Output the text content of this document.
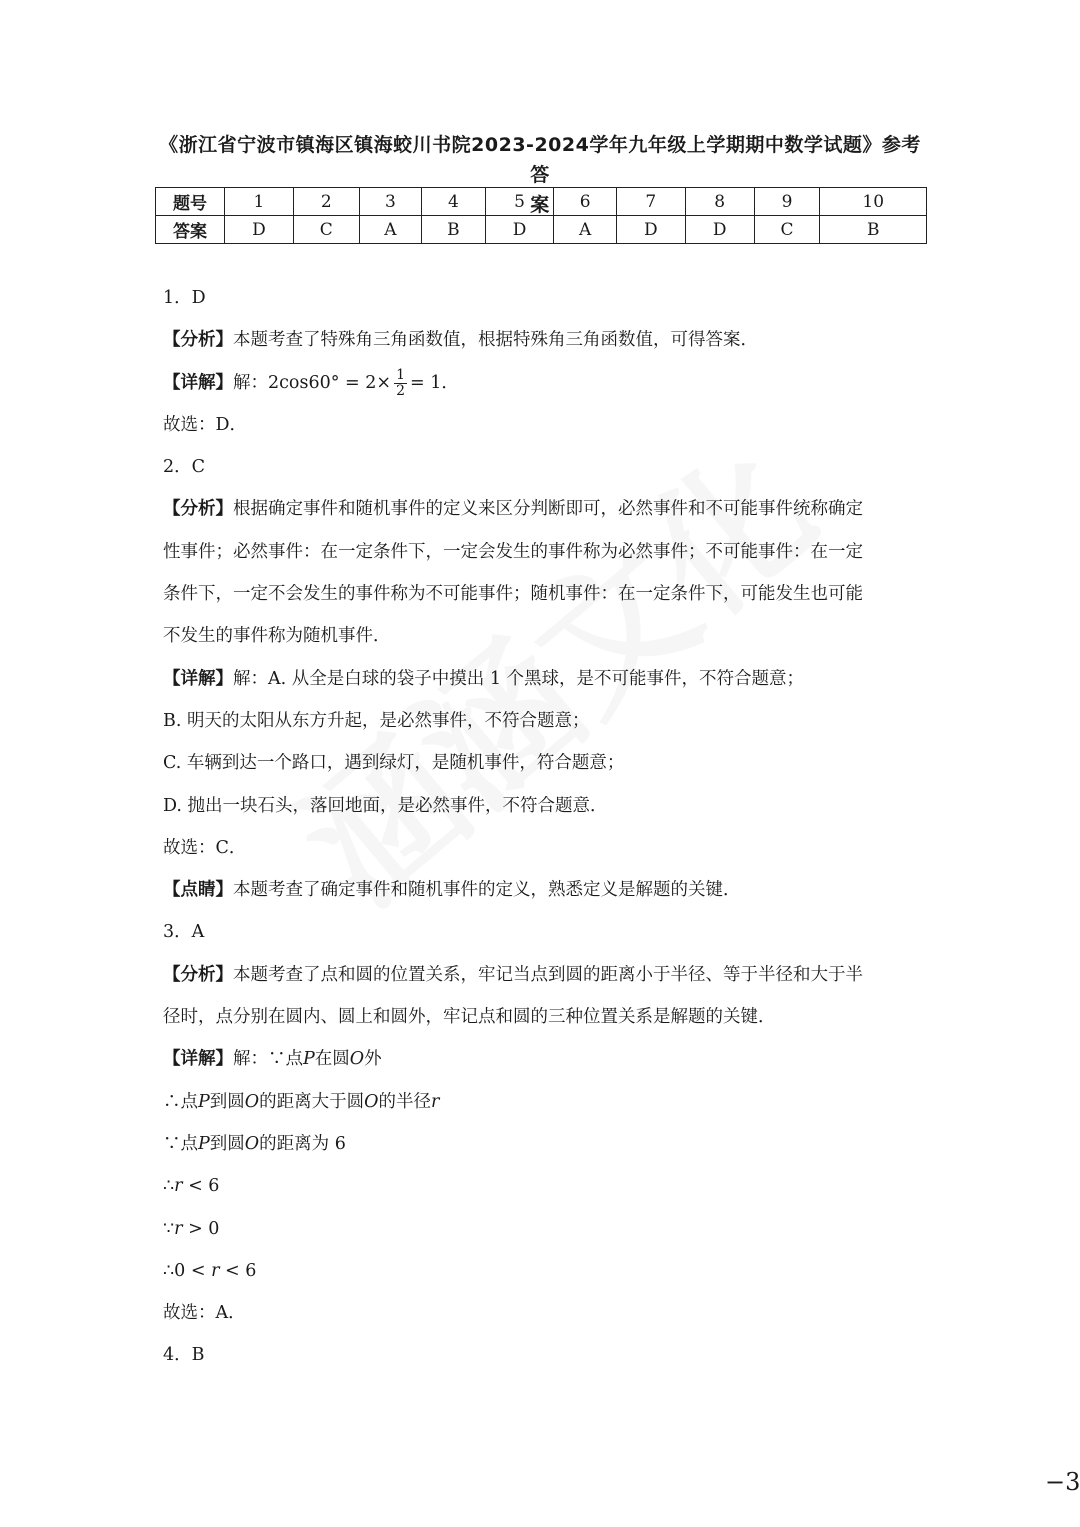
《浙江省宁波市镇海区镇海蛟川书院2023-2024学年九年级上学期期中数学试题》参考答
案
题号	1	2	3	4	5	6	7	8	9	10
答案	D	C	A	B	D	A	D	D	C	B
1．D
【分析】本题考查了特殊角三角函数值，根据特殊角三角函数值，可得答案．
【详解】解：$2\cos 60^\circ = 2\times \frac{1}{2} = 1$．
故选：D．
2．C
【分析】根据确定事件和随机事件的定义来区分判断即可，必然事件和不可能事件统称确定
性事件；必然事件：在一定条件下，一定会发生的事件称为必然事件；不可能事件：在一定
条件下，一定不会发生的事件称为不可能事件；随机事件：在一定条件下，可能发生也可能
不发生的事件称为随机事件．
【详解】解：A. 从全是白球的袋子中摸出 1 个黑球，是不可能事件，不符合题意；
B. 明天的太阳从东方升起，是必然事件，不符合题意；
C. 车辆到达一个路口，遇到绿灯，是随机事件，符合题意；
D. 抛出一块石头，落回地面，是必然事件，不符合题意．
故选：C．
【点睛】本题考查了确定事件和随机事件的定义，熟悉定义是解题的关键．
3．A
【分析】本题考查了点和圆的位置关系，牢记当点到圆的距离小于半径、等于半径和大于半
径时，点分别在圆内、圆上和圆外，牢记点和圆的三种位置关系是解题的关键．
【详解】解：∵点P在圆O外
∴点P到圆O的距离大于圆O的半径r
∵点P到圆O的距离为 6
∴r < 6
∵r > 0
∴0 < r < 6
故选：A．
4．B
−3
